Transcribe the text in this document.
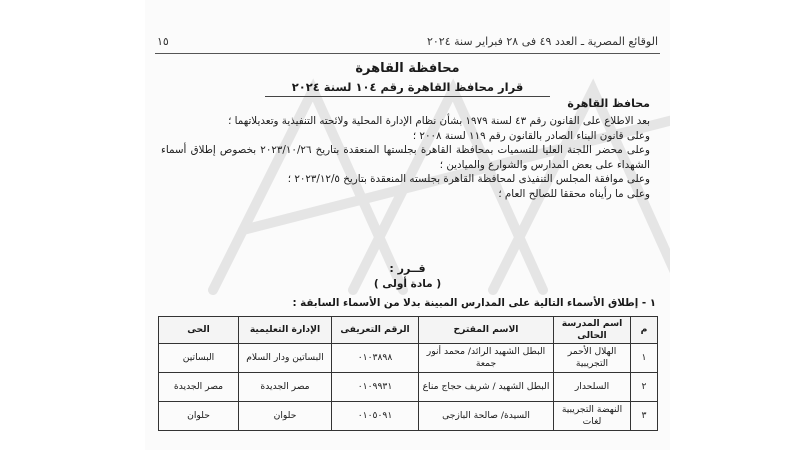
الوقائع المصرية ـ العدد ٤٩ فى ٢٨ فبراير سنة ٢٠٢٤
١٥
محافظة القاهرة
قرار محافظ القاهرة رقم ١٠٤ لسنة ٢٠٢٤
محافظ القاهرة

بعد الاطلاع على القانون رقم ٤٣ لسنة ١٩٧٩ بشأن نظام الإدارة المحلية ولائحته التنفيذية وتعديلاتهما ؛

وعلى قانون البناء الصادر بالقانون رقم ١١٩ لسنة ٢٠٠٨ ؛

وعلى محضر اللجنة العليا للتسميات بمحافظة القاهرة بجلستها المنعقدة بتاريخ ٢٠٢٣/١٠/٢٦ بخصوص إطلاق أسماء الشهداء على بعض المدارس والشوارع والميادين ؛

وعلى موافقة المجلس التنفيذى لمحافظة القاهرة بجلسته المنعقدة بتاريخ ٢٠٢٣/١٢/٥ ؛

وعلى ما رأيناه محققا للصالح العام ؛

قــرر :
( مادة أولى )
١ - إطلاق الأسماء التالية على المدارس المبينة بدلا من الأسماء السابقة :
م	اسم المدرسة الحالى	الاسم المقترح	الرقم التعريفى	الإدارة التعليمية	الحى
١	الهلال الأحمر التجريبية	البطل الشهيد الرائد/ محمد أنور جمعة	٠١٠٣٨٩٨	البساتين ودار السلام	البساتين
٢	السلحدار	البطل الشهيد / شريف حجاج مناع	٠١٠٩٩٣١	مصر الجديدة	مصر الجديدة
٣	النهضة التجريبية لغات	السيدة/ صالحة البازجى	٠١٠٥٠٩١	حلوان	حلوان
